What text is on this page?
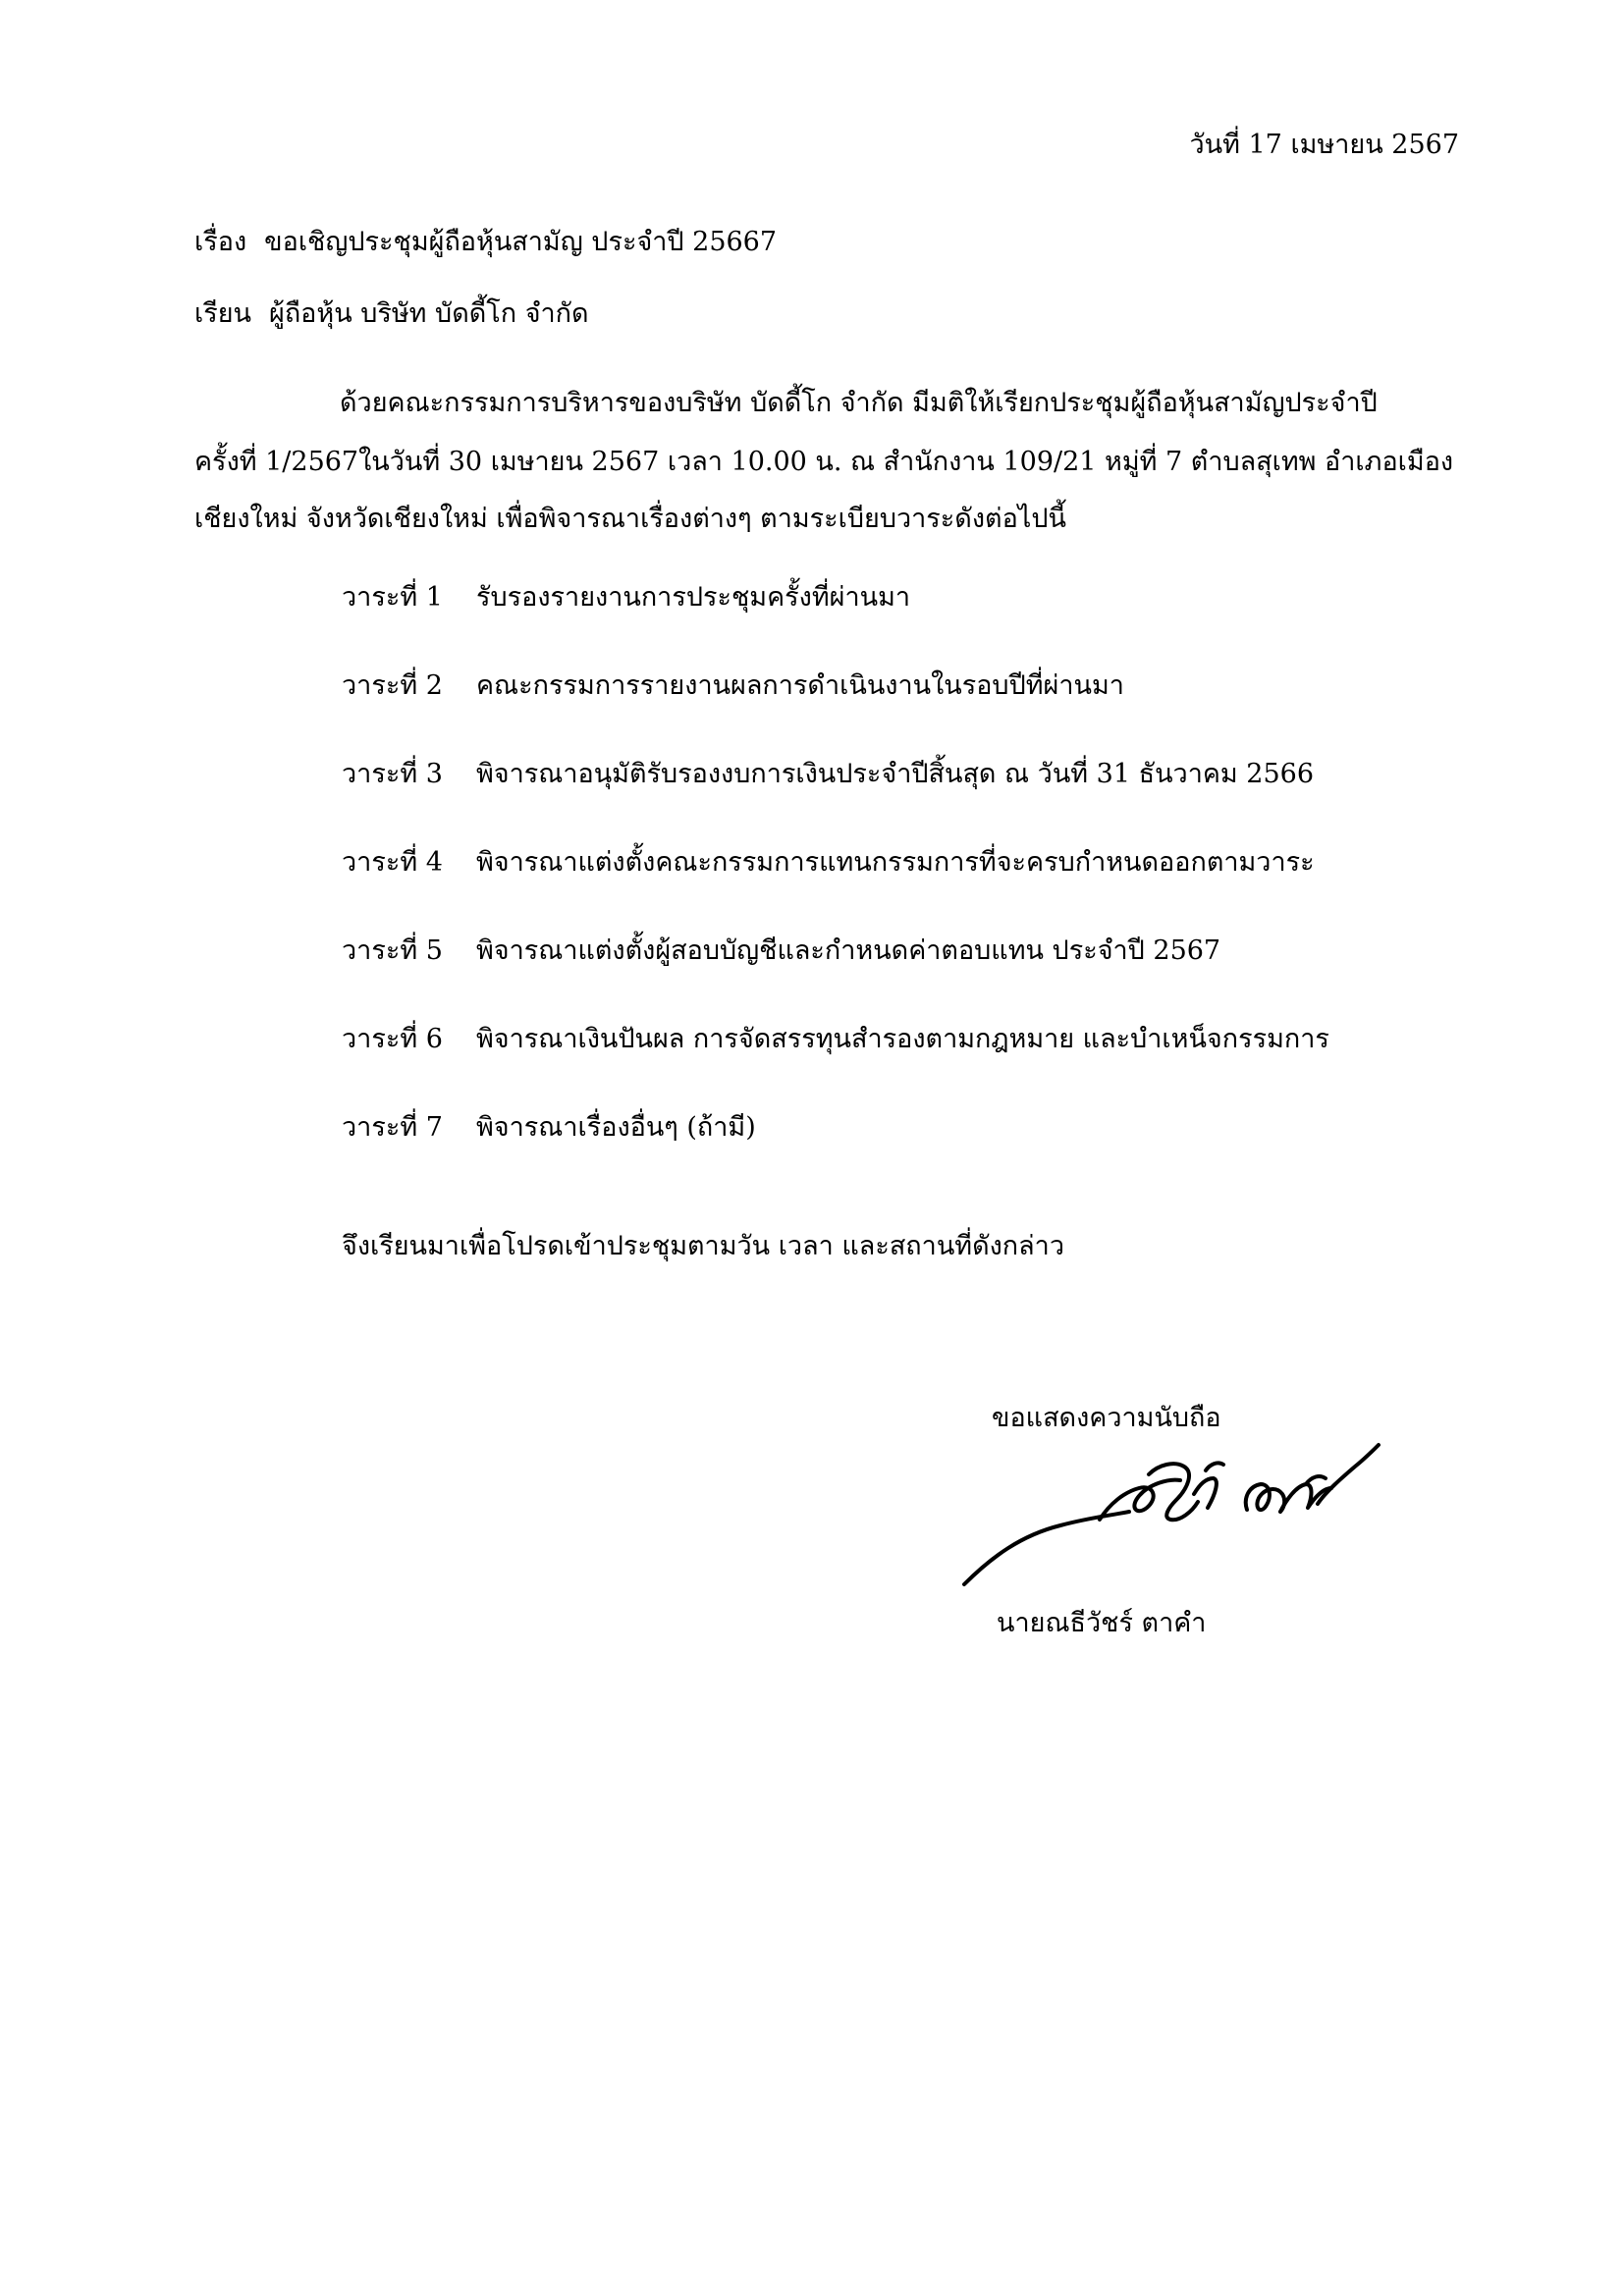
วันที่ 17 เมษายน 2567
เรื่อง ขอเชิญประชุมผู้ถือหุ้นสามัญ ประจำปี 25667
เรียน ผู้ถือหุ้น บริษัท บัดดี้โก จำกัด
ด้วยคณะกรรมการบริหารของบริษัท บัดดี้โก จำกัด มีมติให้เรียกประชุมผู้ถือหุ้นสามัญประจำปี
ครั้งที่ 1/2567ในวันที่ 30 เมษายน 2567 เวลา 10.00 น. ณ สำนักงาน 109/21 หมู่ที่ 7 ตำบลสุเทพ อำเภอเมือง
เชียงใหม่ จังหวัดเชียงใหม่ เพื่อพิจารณาเรื่องต่างๆ ตามระเบียบวาระดังต่อไปนี้
วาระที่ 1 รับรองรายงานการประชุมครั้งที่ผ่านมา
วาระที่ 2 คณะกรรมการรายงานผลการดำเนินงานในรอบปีที่ผ่านมา
วาระที่ 3 พิจารณาอนุมัติรับรองงบการเงินประจำปีสิ้นสุด ณ วันที่ 31 ธันวาคม 2566
วาระที่ 4 พิจารณาแต่งตั้งคณะกรรมการแทนกรรมการที่จะครบกำหนดออกตามวาระ
วาระที่ 5 พิจารณาแต่งตั้งผู้สอบบัญชีและกำหนดค่าตอบแทน ประจำปี 2567
วาระที่ 6 พิจารณาเงินปันผล การจัดสรรทุนสำรองตามกฎหมาย และบำเหน็จกรรมการ
วาระที่ 7 พิจารณาเรื่องอื่นๆ (ถ้ามี)
จึงเรียนมาเพื่อโปรดเข้าประชุมตามวัน เวลา และสถานที่ดังกล่าว
ขอแสดงความนับถือ
นายณธีวัชร์ ตาคำ
